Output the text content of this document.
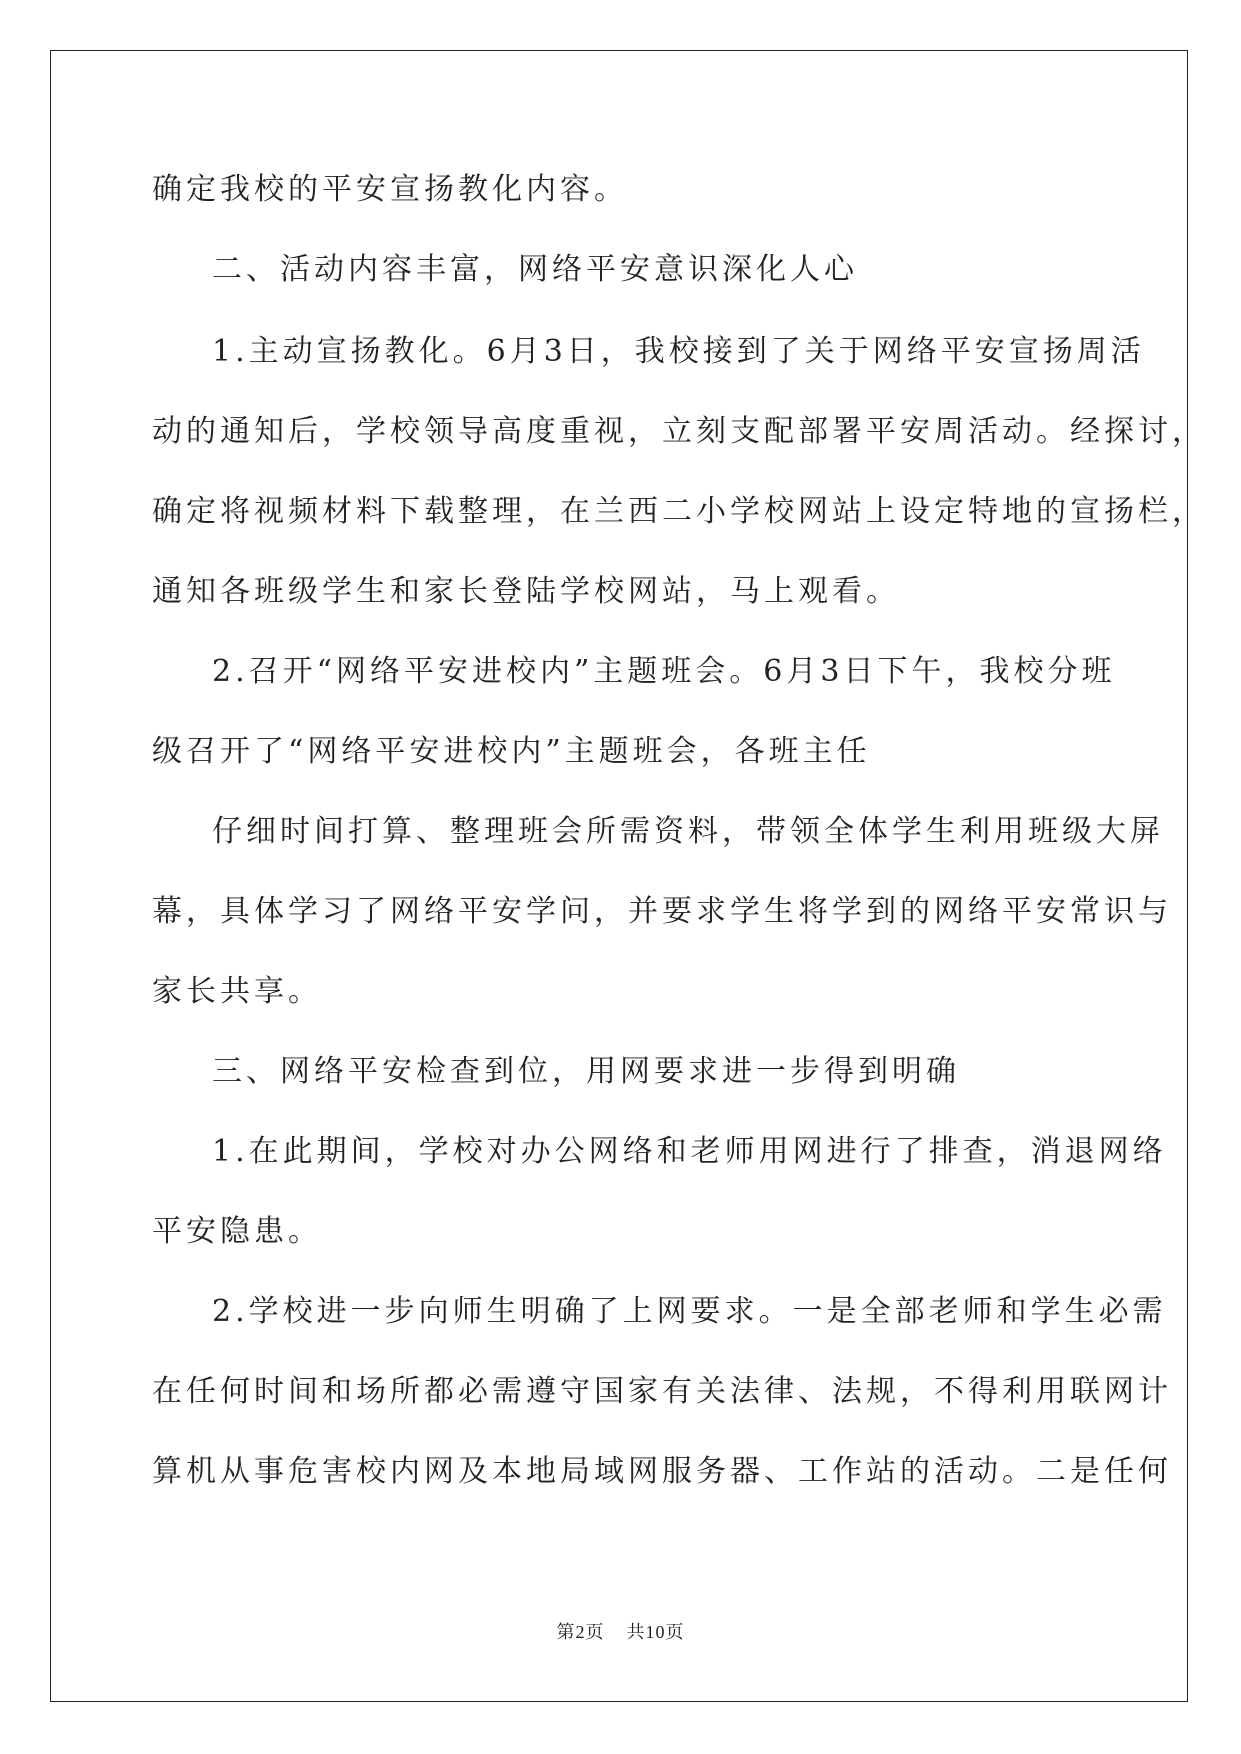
确定我校的平安宣扬教化内容。
二、活动内容丰富，网络平安意识深化人心
1.主动宣扬教化。6月3日，我校接到了关于网络平安宣扬周活
动的通知后，学校领导高度重视，立刻支配部署平安周活动。经探讨，
确定将视频材料下载整理，在兰西二小学校网站上设定特地的宣扬栏，
通知各班级学生和家长登陆学校网站，马上观看。
2.召开“网络平安进校内”主题班会。6月3日下午，我校分班
级召开了“网络平安进校内”主题班会，各班主任
仔细时间打算、整理班会所需资料，带领全体学生利用班级大屏
幕，具体学习了网络平安学问，并要求学生将学到的网络平安常识与
家长共享。
三、网络平安检查到位，用网要求进一步得到明确
1.在此期间，学校对办公网络和老师用网进行了排查，消退网络
平安隐患。
2.学校进一步向师生明确了上网要求。一是全部老师和学生必需
在任何时间和场所都必需遵守国家有关法律、法规，不得利用联网计
算机从事危害校内网及本地局域网服务器、工作站的活动。二是任何
第2页 共10页
